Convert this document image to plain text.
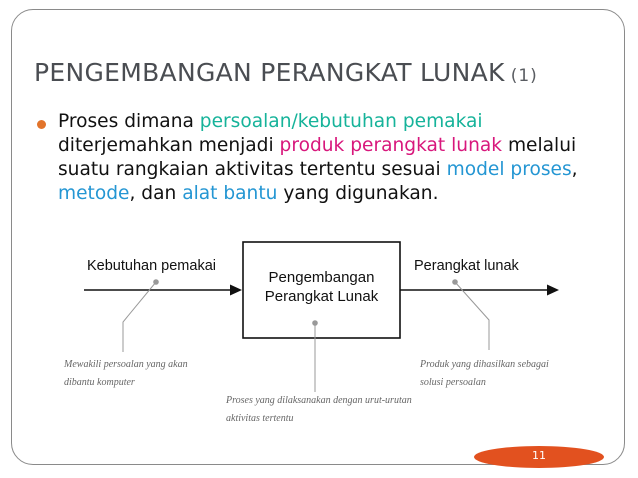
PENGEMBANGAN PERANGKAT LUNAK (1)
Proses dimana persoalan/kebutuhan pemakai diterjemahkan menjadi produk perangkat lunak melalui suatu rangkaian aktivitas tertentu sesuai model proses, metode, dan alat bantu yang digunakan.
Kebutuhan pemakai
Pengembangan
Perangkat Lunak
Perangkat lunak
Mewakili persoalan yang akan
dibantu komputer
Proses yang dilaksanakan dengan urut-urutan
aktivitas tertentu
Produk yang dihasilkan sebagai
solusi persoalan
11
